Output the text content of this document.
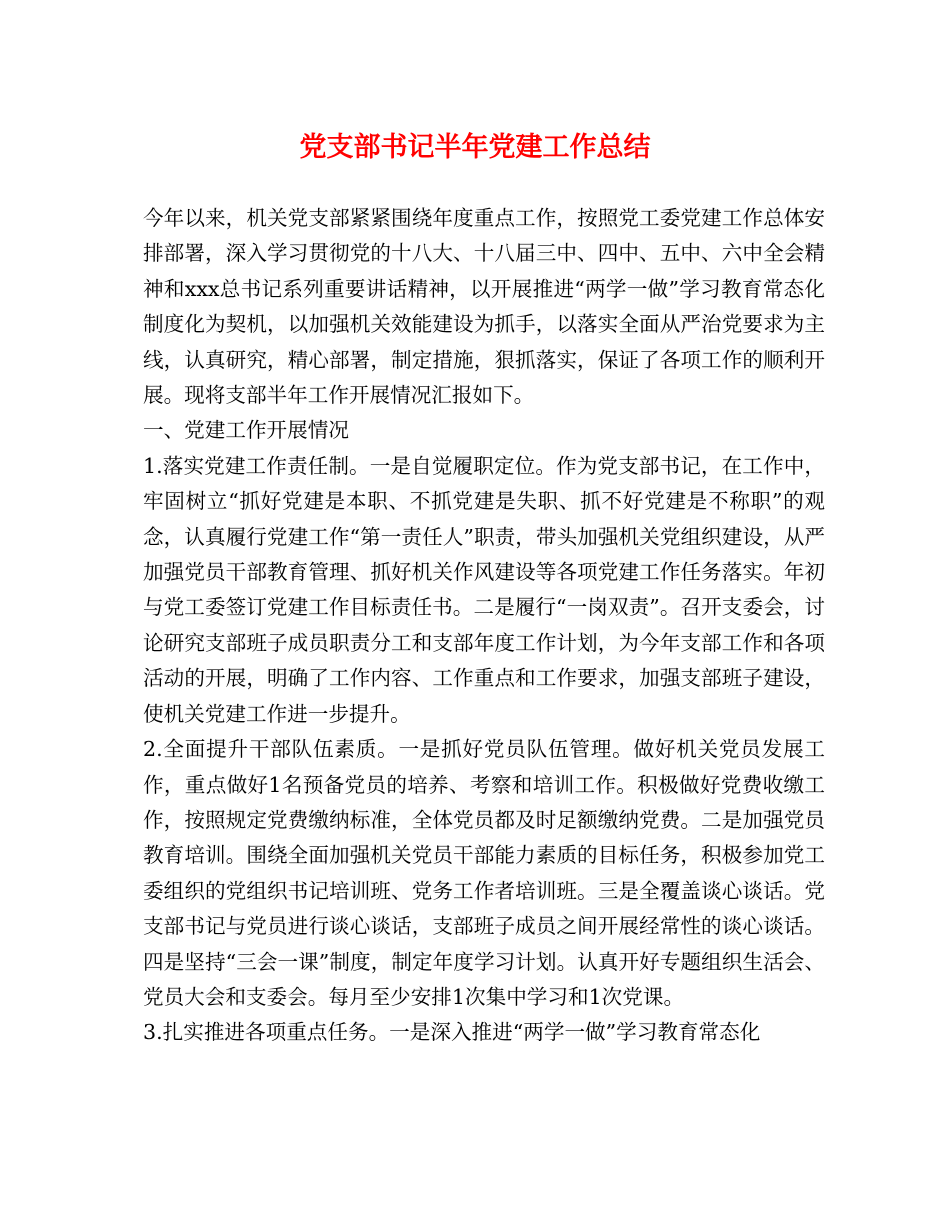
党支部书记半年党建工作总结

今年以来，机关党支部紧紧围绕年度重点工作，按照党工委党建工作总体安排部署，深入学习贯彻党的十八大、十八届三中、四中、五中、六中全会精神和xxx总书记系列重要讲话精神，以开展推进“两学一做”学习教育常态化制度化为契机，以加强机关效能建设为抓手，以落实全面从严治党要求为主线，认真研究，精心部署，制定措施，狠抓落实，保证了各项工作的顺利开展。现将支部半年工作开展情况汇报如下。

一、党建工作开展情况

1.落实党建工作责任制。一是自觉履职定位。作为党支部书记，在工作中，牢固树立“抓好党建是本职、不抓党建是失职、抓不好党建是不称职”的观念，认真履行党建工作“第一责任人”职责，带头加强机关党组织建设，从严加强党员干部教育管理、抓好机关作风建设等各项党建工作任务落实。年初与党工委签订党建工作目标责任书。二是履行“一岗双责”。召开支委会，讨论研究支部班子成员职责分工和支部年度工作计划，为今年支部工作和各项活动的开展，明确了工作内容、工作重点和工作要求，加强支部班子建设，使机关党建工作进一步提升。

2.全面提升干部队伍素质。一是抓好党员队伍管理。做好机关党员发展工作，重点做好1名预备党员的培养、考察和培训工作。积极做好党费收缴工作，按照规定党费缴纳标准，全体党员都及时足额缴纳党费。二是加强党员教育培训。围绕全面加强机关党员干部能力素质的目标任务，积极参加党工委组织的党组织书记培训班、党务工作者培训班。三是全覆盖谈心谈话。党支部书记与党员进行谈心谈话，支部班子成员之间开展经常性的谈心谈话。四是坚持“三会一课”制度，制定年度学习计划。认真开好专题组织生活会、党员大会和支委会。每月至少安排1次集中学习和1次党课。

3.扎实推进各项重点任务。一是深入推进“两学一做”学习教育常态化
